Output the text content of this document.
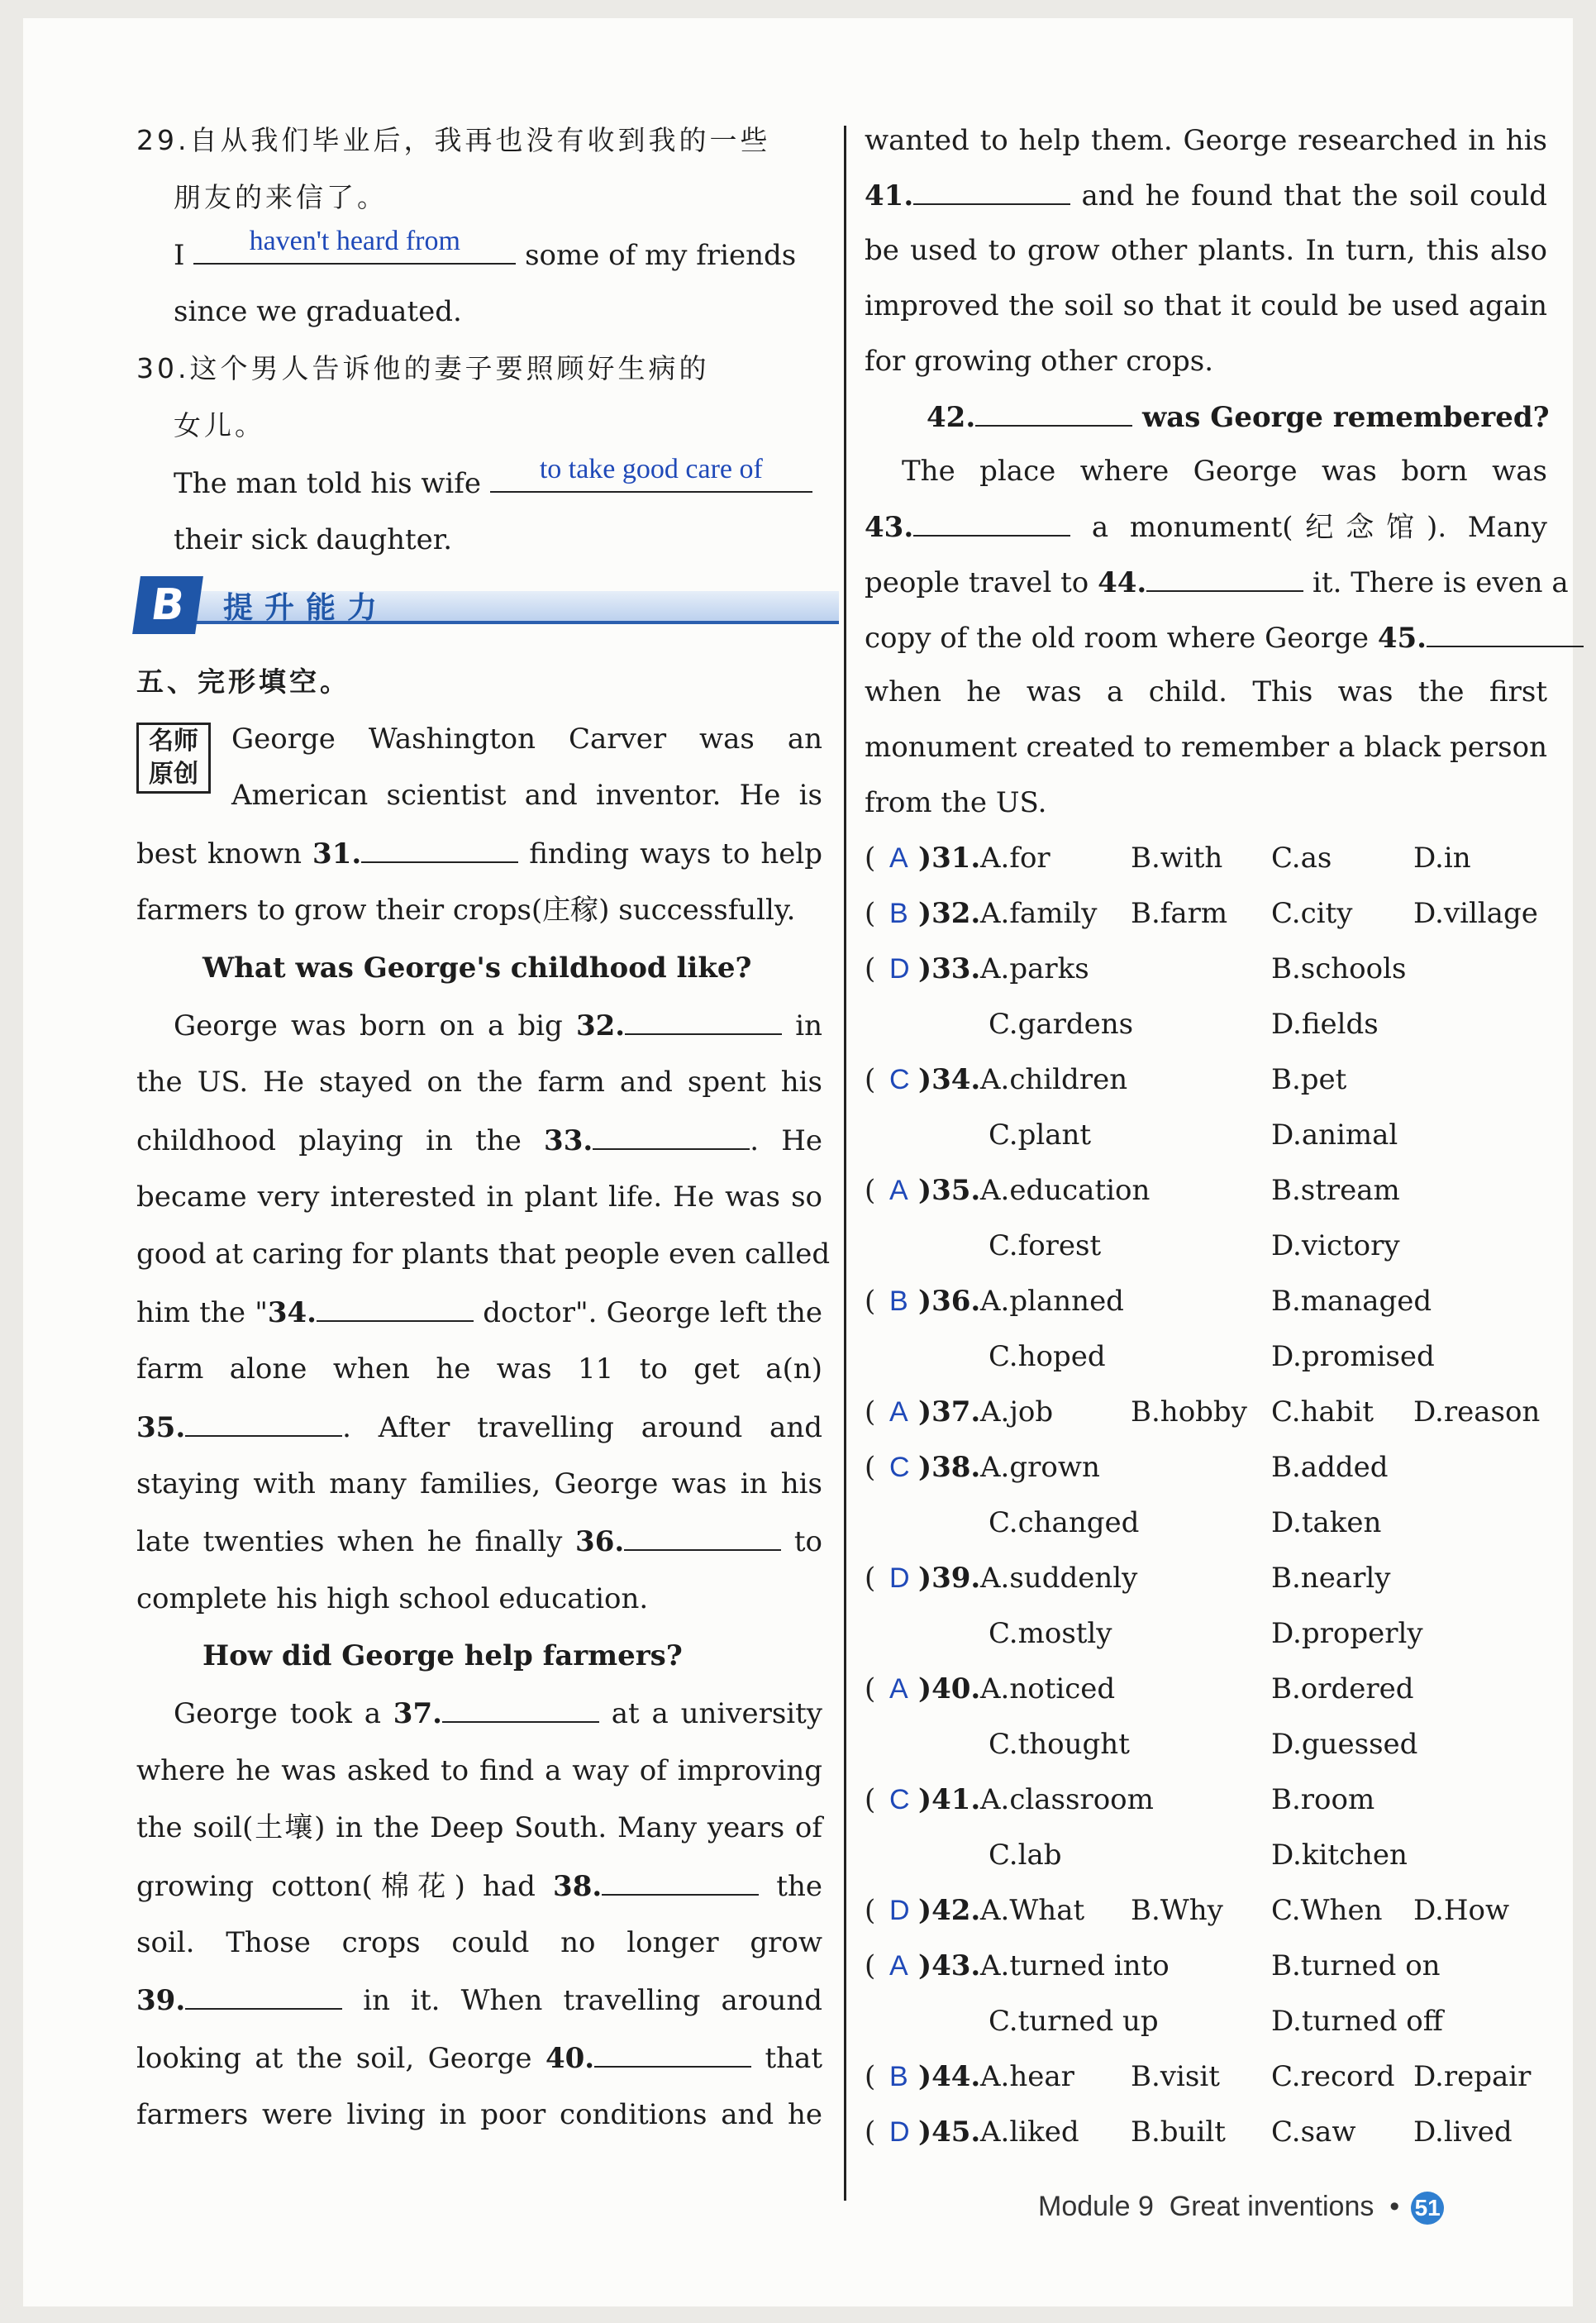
29.自从我们毕业后，我再也没有收到我的一些
朋友的来信了。
I	haven't heard from	some of my friends
since we graduated.
30.这个男人告诉他的妻子要照顾好生病的
女儿。
The man told his wife	to take good care of
their sick daughter.
B	提升能力
五、完形填空。
名师
原创
George Washington Carver was an
American scientist and inventor. He is
best known 31.	finding ways to help
farmers to grow their crops(庄稼) successfully.
What was George's childhood like?
George was born on a big 32.	in
the US. He stayed on the farm and spent his
childhood playing in the 33.	. He
became very interested in plant life. He was so
good at caring for plants that people even called
him the "34.	doctor". George left the
farm alone when he was 11 to get a(n)
35.	. After travelling around and
staying with many families, George was in his
late twenties when he finally 36.	to
complete his high school education.
How did George help farmers?
George took a 37.	at a university
where he was asked to find a way of improving
the soil(土壤) in the Deep South. Many years of
growing cotton(棉花) had 38.	the
soil. Those crops could no longer grow
39.	in it. When travelling around
looking at the soil, George 40.	that
farmers were living in poor conditions and he
wanted to help them. George researched in his
41.	and he found that the soil could
be used to grow other plants. In turn, this also
improved the soil so that it could be used again
for growing other crops.
42.	was George remembered?
The place where George was born was
43.	a monument(纪念馆). Many
people travel to 44.	it. There is even a
copy of the old room where George 45.
when he was a child. This was the first
monument created to remember a black person
from the US.
( A )31. A.for	B.with C.as	D.in
( B )32. A.family B.farm C.city D.village
( D )33. A.parks	B.schools
C.gardens	D.fields
( C )34. A.children	B.pet
C.plant	D.animal
( A )35. A.education	B.stream
C.forest	D.victory
( B )36. A.planned	B.managed
C.hoped	D.promised
( A )37. A.job	B.hobby C.habit D.reason
( C )38. A.grown	B.added
C.changed	D.taken
( D )39. A.suddenly	B.nearly
C.mostly	D.properly
( A )40. A.noticed	B.ordered
C.thought	D.guessed
( C )41. A.classroom	B.room
C.lab	D.kitchen
( D )42. A.What B.Why C.When D.How
( A )43. A.turned into	B.turned on
C.turned up	D.turned off
( B )44. A.hear B.visit C.record D.repair
( D )45. A.liked B.built C.saw D.lived
Module 9 Great inventions • 51
